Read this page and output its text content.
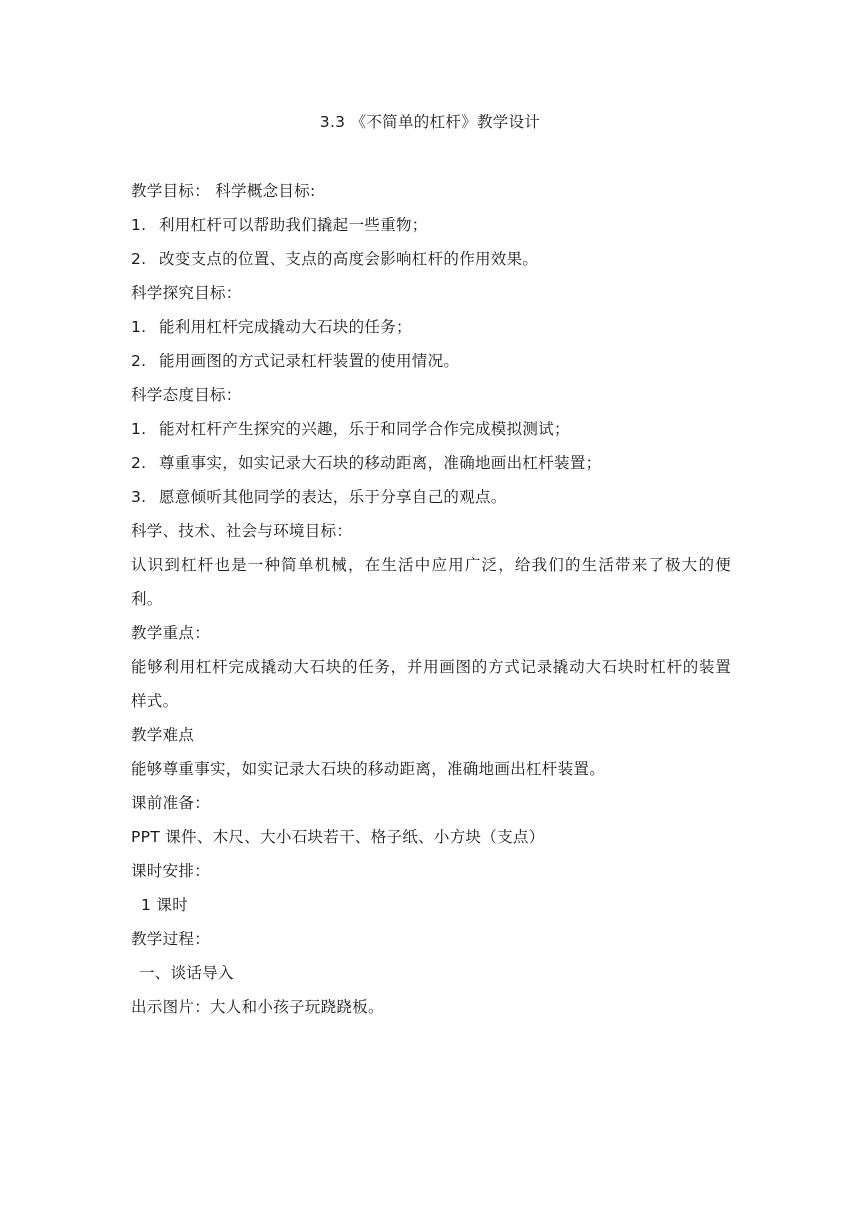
3.3 《不简单的杠杆》教学设计
教学目标： 科学概念目标:
1. 利用杠杆可以帮助我们撬起一些重物；
2. 改变支点的位置、支点的高度会影响杠杆的作用效果。
科学探究目标：
1. 能利用杠杆完成撬动大石块的任务；
2. 能用画图的方式记录杠杆装置的使用情况。
科学态度目标：
1. 能对杠杆产生探究的兴趣，乐于和同学合作完成模拟测试；
2. 尊重事实，如实记录大石块的移动距离，准确地画出杠杆装置；
3. 愿意倾听其他同学的表达，乐于分享自己的观点。
科学、技术、社会与环境目标：
认识到杠杆也是一种简单机械，在生活中应用广泛，给我们的生活带来了极大的便利。
教学重点：
能够利用杠杆完成撬动大石块的任务，并用画图的方式记录撬动大石块时杠杆的装置样式。
教学难点
能够尊重事实，如实记录大石块的移动距离，准确地画出杠杆装置。
课前准备：
PPT 课件、木尺、大小石块若干、格子纸、小方块（支点）
课时安排：
1 课时
教学过程：
一、谈话导入
出示图片：大人和小孩子玩跷跷板。
